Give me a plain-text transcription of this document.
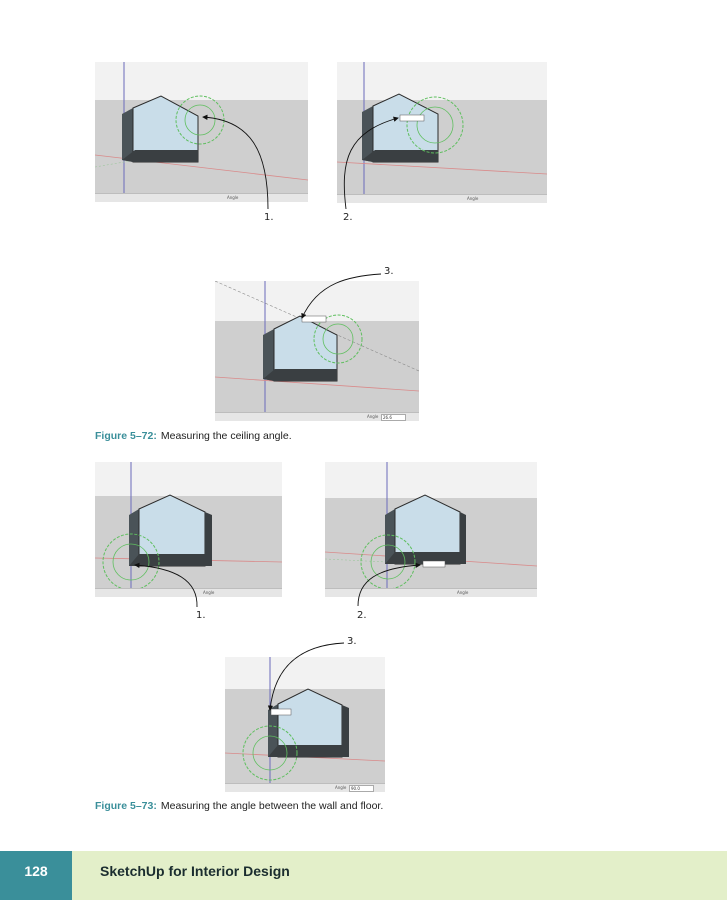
Angle	Angle
Angle	26.6
1.	2.
3.
Figure 5–72: Measuring the ceiling angle.
Angle	Angle
Angle	90.0
1.	2.
3.
Figure 5–73: Measuring the angle between the wall and floor.
128	SketchUp for Interior Design
